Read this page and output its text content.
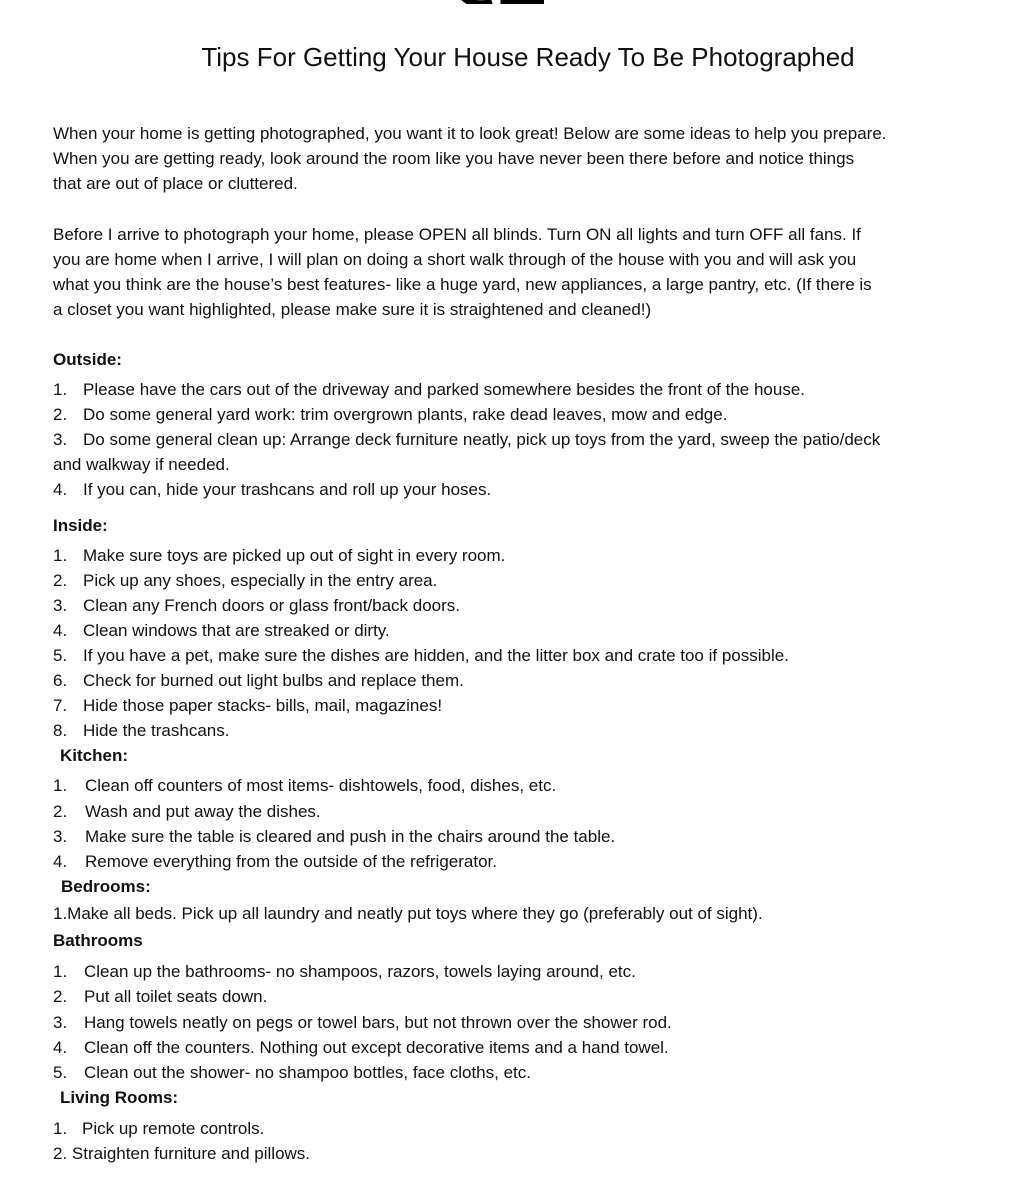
Tips For Getting Your House Ready To Be Photographed
When your home is getting photographed, you want it to look great! Below are some ideas to help you prepare.
When you are getting ready, look around the room like you have never been there before and notice things
that are out of place or cluttered.
Before I arrive to photograph your home, please OPEN all blinds. Turn ON all lights and turn OFF all fans. If
you are home when I arrive, I will plan on doing a short walk through of the house with you and will ask you
what you think are the house’s best features- like a huge yard, new appliances, a large pantry, etc. (If there is
a closet you want highlighted, please make sure it is straightened and cleaned!)
Outside:
1. Please have the cars out of the driveway and parked somewhere besides the front of the house.
2. Do some general yard work: trim overgrown plants, rake dead leaves, mow and edge.
3. Do some general clean up: Arrange deck furniture neatly, pick up toys from the yard, sweep the patio/deck
and walkway if needed.
4. If you can, hide your trashcans and roll up your hoses.
Inside:
1. Make sure toys are picked up out of sight in every room.
2. Pick up any shoes, especially in the entry area.
3. Clean any French doors or glass front/back doors.
4. Clean windows that are streaked or dirty.
5. If you have a pet, make sure the dishes are hidden, and the litter box and crate too if possible.
6. Check for burned out light bulbs and replace them.
7. Hide those paper stacks- bills, mail, magazines!
8. Hide the trashcans.
Kitchen:
1. Clean off counters of most items- dishtowels, food, dishes, etc.
2. Wash and put away the dishes.
3. Make sure the table is cleared and push in the chairs around the table.
4. Remove everything from the outside of the refrigerator.
Bedrooms:
1.Make all beds. Pick up all laundry and neatly put toys where they go (preferably out of sight).
Bathrooms
1. Clean up the bathrooms- no shampoos, razors, towels laying around, etc.
2. Put all toilet seats down.
3. Hang towels neatly on pegs or towel bars, but not thrown over the shower rod.
4. Clean off the counters. Nothing out except decorative items and a hand towel.
5. Clean out the shower- no shampoo bottles, face cloths, etc.
Living Rooms:
1. Pick up remote controls.
2. Straighten furniture and pillows.
